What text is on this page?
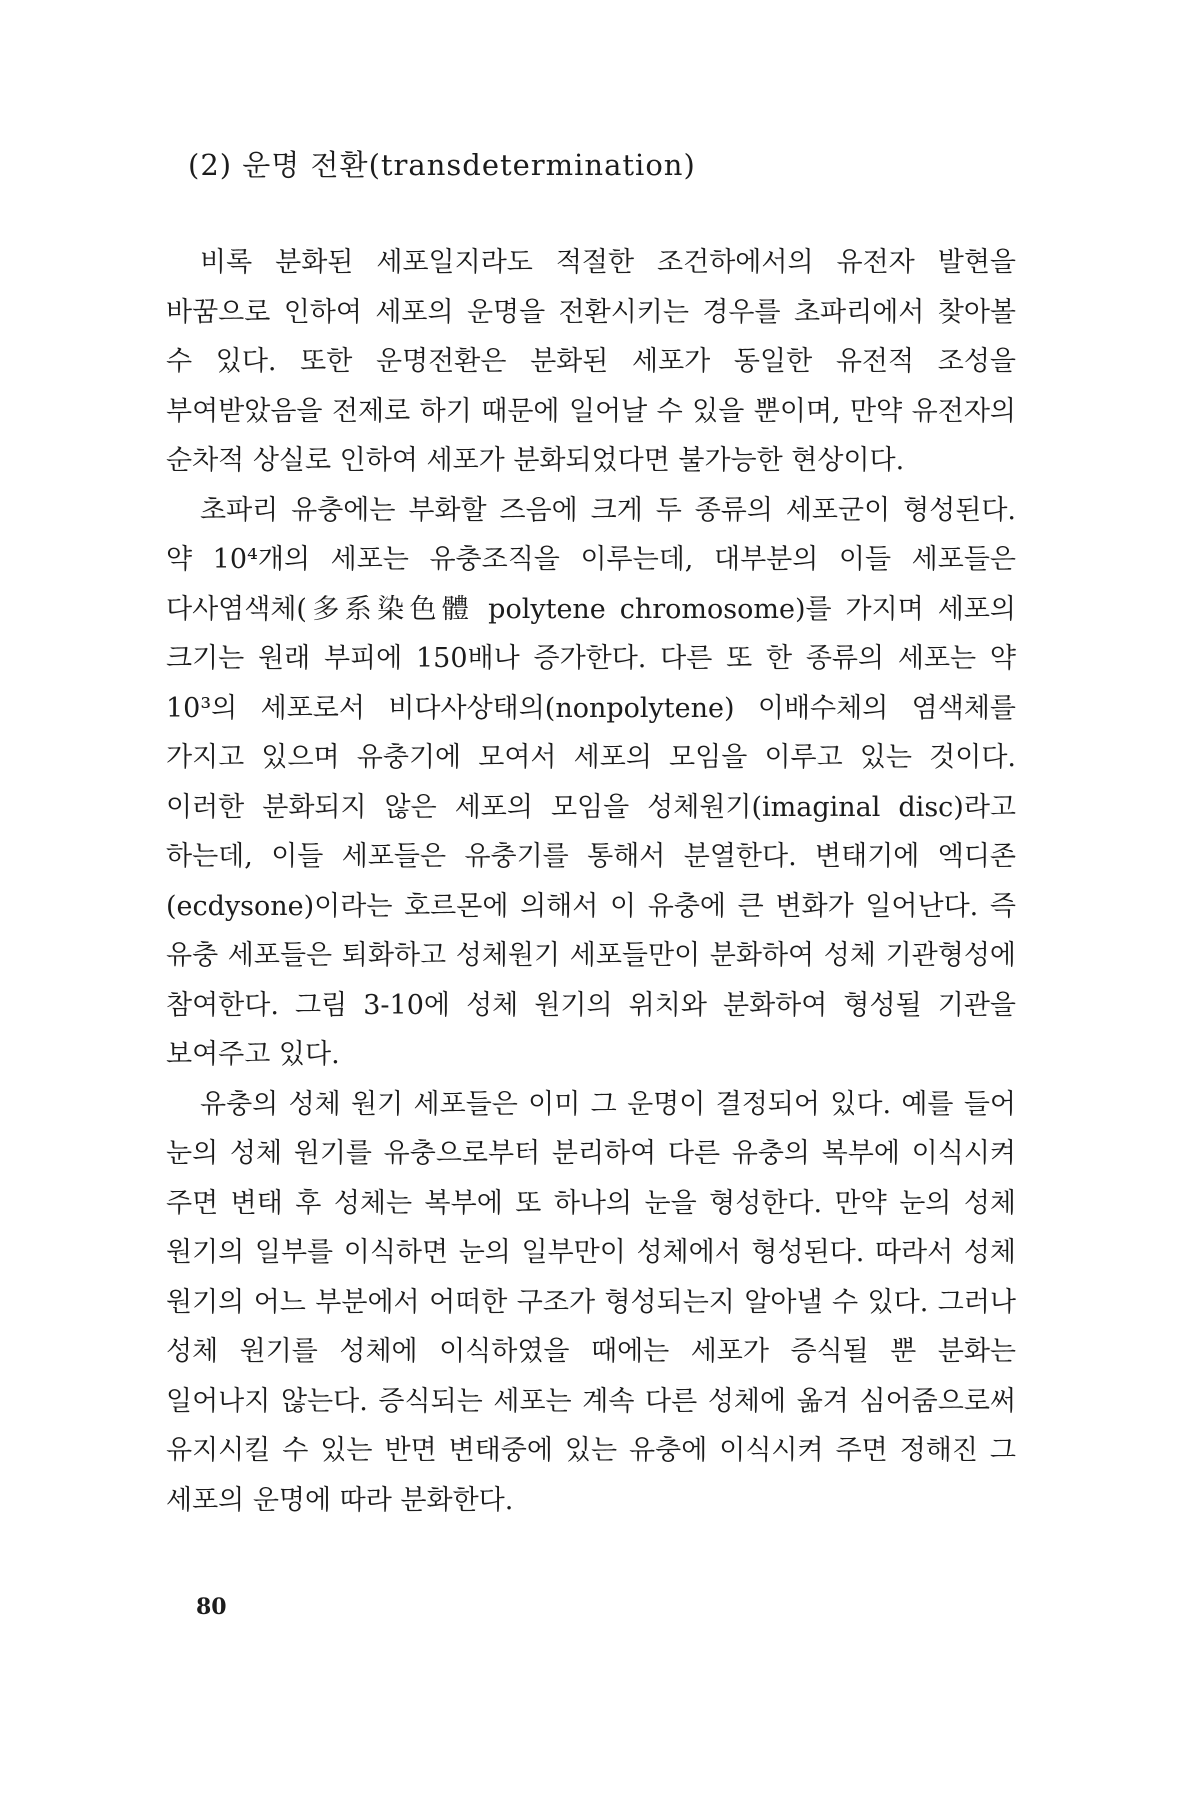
(2) 운명 전환(transdetermination)

비록 분화된 세포일지라도 적절한 조건하에서의 유전자 발현을 바꿈으로 인하여 세포의 운명을 전환시키는 경우를 초파리에서 찾아볼 수 있다. 또한 운명전환은 분화된 세포가 동일한 유전적 조성을 부여받았음을 전제로 하기 때문에 일어날 수 있을 뿐이며, 만약 유전자의 순차적 상실로 인하여 세포가 분화되었다면 불가능한 현상이다.

초파리 유충에는 부화할 즈음에 크게 두 종류의 세포군이 형성된다. 약 10⁴개의 세포는 유충조직을 이루는데, 대부분의 이들 세포들은 다사염색체(多系染色體 polytene chromosome)를 가지며 세포의 크기는 원래 부피에 150배나 증가한다. 다른 또 한 종류의 세포는 약 10³의 세포로서 비다사상태의(nonpolytene) 이배수체의 염색체를 가지고 있으며 유충기에 모여서 세포의 모임을 이루고 있는 것이다. 이러한 분화되지 않은 세포의 모임을 성체원기(imaginal disc)라고 하는데, 이들 세포들은 유충기를 통해서 분열한다. 변태기에 엑디존(ecdysone)이라는 호르몬에 의해서 이 유충에 큰 변화가 일어난다. 즉 유충 세포들은 퇴화하고 성체원기 세포들만이 분화하여 성체 기관형성에 참여한다. 그림 3-10에 성체 원기의 위치와 분화하여 형성될 기관을 보여주고 있다.

유충의 성체 원기 세포들은 이미 그 운명이 결정되어 있다. 예를 들어 눈의 성체 원기를 유충으로부터 분리하여 다른 유충의 복부에 이식시켜 주면 변태 후 성체는 복부에 또 하나의 눈을 형성한다. 만약 눈의 성체 원기의 일부를 이식하면 눈의 일부만이 성체에서 형성된다. 따라서 성체 원기의 어느 부분에서 어떠한 구조가 형성되는지 알아낼 수 있다. 그러나 성체 원기를 성체에 이식하였을 때에는 세포가 증식될 뿐 분화는 일어나지 않는다. 증식되는 세포는 계속 다른 성체에 옮겨 심어줌으로써 유지시킬 수 있는 반면 변태중에 있는 유충에 이식시켜 주면 정해진 그 세포의 운명에 따라 분화한다.

80
